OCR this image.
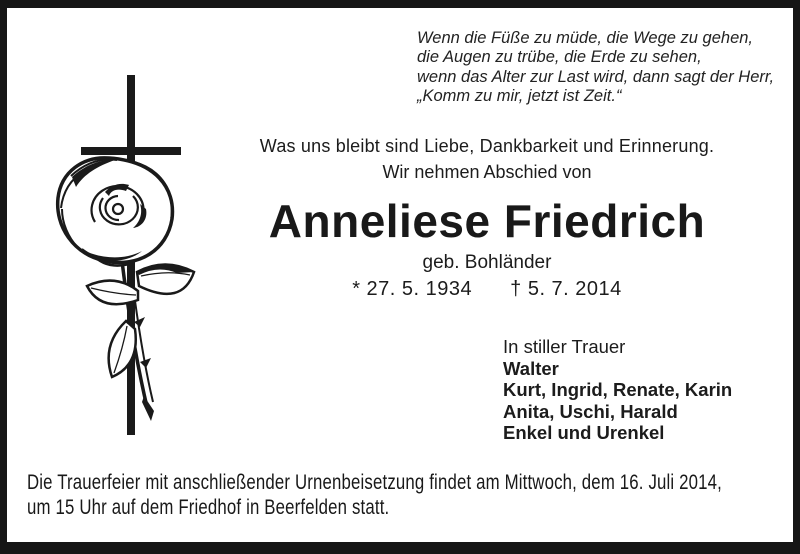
Wenn die Füße zu müde, die Wege zu gehen,
die Augen zu trübe, die Erde zu sehen,
wenn das Alter zur Last wird, dann sagt der Herr,
„Komm zu mir, jetzt ist Zeit.“
Was uns bleibt sind Liebe, Dankbarkeit und Erinnerung.
Wir nehmen Abschied von
Anneliese Friedrich
geb. Bohländer
* 27. 5. 1934 † 5. 7. 2014
In stiller Trauer
Walter
Kurt, Ingrid, Renate, Karin
Anita, Uschi, Harald
Enkel und Urenkel
Die Trauerfeier mit anschließender Urnenbeisetzung findet am Mittwoch, dem 16. Juli 2014,
um 15 Uhr auf dem Friedhof in Beerfelden statt.
